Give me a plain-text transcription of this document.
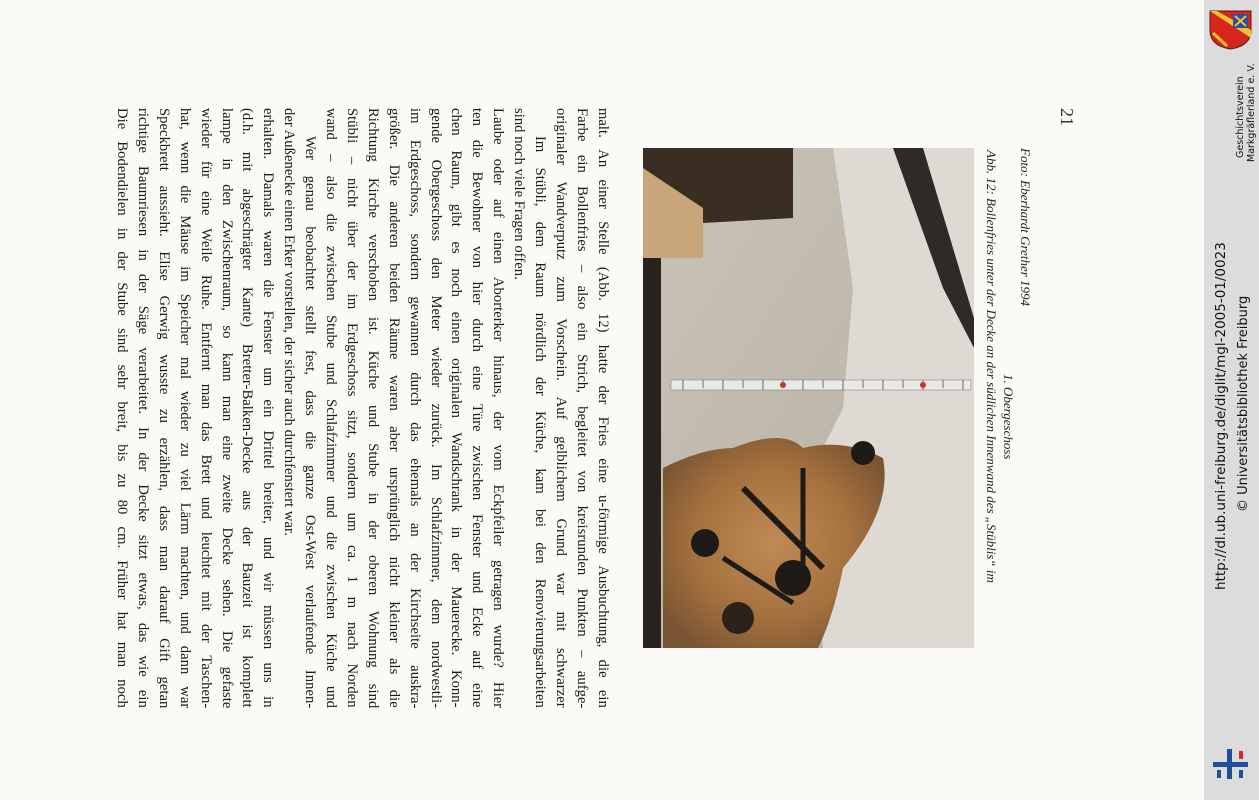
Die Bodendielen in der Stube sind sehr breit, bis zu 80 cm. Früher hat man noch richtige Baumriesen in der Säge verarbeitet. In der Decke sitzt etwas, das wie ein Speckbrett aussieht. Elise Gerwig wusste zu erzählen, dass man darauf Gift getan hat, wenn die Mäuse im Speicher mal wieder zu viel Lärm machten, und dann war wieder für eine Weile Ruhe. Entfernt man das Brett und leuchtet mit der Taschen- lampe in den Zwischenraum, so kann man eine zweite Decke sehen. Die gefaste (d.h. mit abgeschrägter Kante) Bretter-Balken-Decke aus der Bauzeit ist komplett erhalten. Damals waren die Fenster um ein Drittel breiter, und wir müssen uns in der Außenecke einen Erker vorstellen, der sicher auch durchfenstert war. Wer genau beobachtet stellt fest, dass die ganze Ost-West verlaufende Innen- wand – also die zwischen Stube und Schlafzimmer und die zwischen Küche und Stübli – nicht über der im Erdgeschoss sitzt, sondern um ca. 1 m nach Norden Richtung Kirche verschoben ist. Küche und Stube in der oberen Wohnung sind größer. Die anderen beiden Räume waren aber ursprünglich nicht kleiner als die im Erdgeschoss, sondern gewannen durch das ehemals an der Kirchseite auskra- gende Obergeschoss den Meter wieder zurück. Im Schlafzimmer, dem nordwestli- chen Raum, gibt es noch einen originalen Wandschrank in der Mauerecke. Konn- ten die Bewohner von hier durch eine Türe zwischen Fenster und Ecke auf eine Laube oder auf einen Aborterker hinaus, der vom Eckpfeiler getragen wurde? Hier sind noch viele Fragen offen. Im Stübli, dem Raum nördlich der Küche, kam bei den Renovierungsarbeiten originaler Wandverputz zum Vorschein. Auf gelblichem Grund war mit schwarzer Farbe ein Bollenfries – also ein Strich, begleitet von kreisrunden Punkten – aufge- malt. An einer Stelle (Abb. 12) hatte der Fries eine u-förmige Ausbuchtung, die ein	Abb. 12: Bollenfries unter der Decke an der südlichen Innenwand des „Stüblis“ im 1. Obergeschoss
Foto: Eberhardt Grether 1994
21	Geschichtsverein Markgräflerland e. V.
http://dl.ub.uni-freiburg.de/diglit/mgl-2005-01/0023 © Universitätsbibliothek Freiburg
